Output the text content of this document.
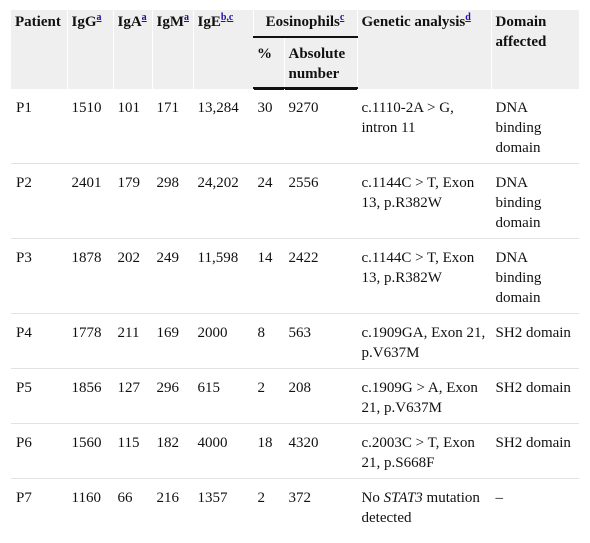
Patient	IgG$^a$	IgA$^a$	IgM$^a$	IgE$^{b,c}$	Eosinophils$^c$		Genetic analysis$^d$	Domain affected
					%	Absolute number		

P1	1510	101	171	13,284	30	9270	c.1110-2A > G, intron 11	DNA binding domain
P2	2401	179	298	24,202	24	2556	c.1144C > T, Exon 13, p.R382W	DNA binding domain
P3	1878	202	249	11,598	14	2422	c.1144C > T, Exon 13, p.R382W	DNA binding domain
P4	1778	211	169	2000	8	563	c.1909GA, Exon 21, p.V637M	SH2 domain
P5	1856	127	296	615	2	208	c.1909G > A, Exon 21, p.V637M	SH2 domain
P6	1560	115	182	4000	18	4320	c.2003C > T, Exon 21, p.S668F	SH2 domain
P7	1160	66	216	1357	2	372	No STAT3 mutation detected	–
